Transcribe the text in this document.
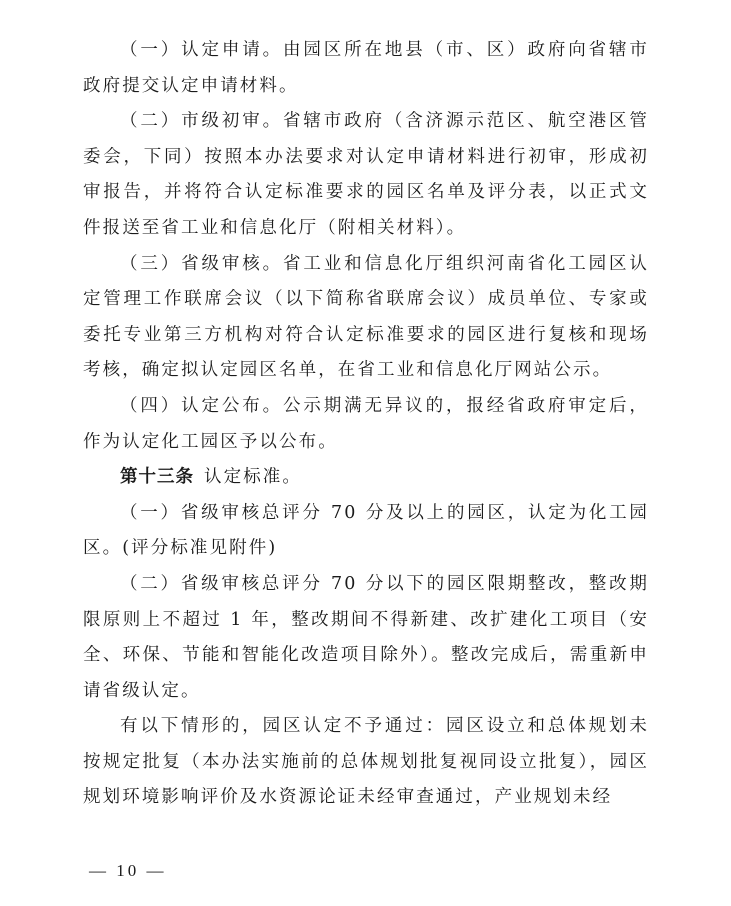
（一）认定申请。由园区所在地县（市、区）政府向省辖市政府提交认定申请材料。

（二）市级初审。省辖市政府（含济源示范区、航空港区管委会，下同）按照本办法要求对认定申请材料进行初审，形成初审报告，并将符合认定标准要求的园区名单及评分表，以正式文件报送至省工业和信息化厅（附相关材料）。

（三）省级审核。省工业和信息化厅组织河南省化工园区认定管理工作联席会议（以下简称省联席会议）成员单位、专家或委托专业第三方机构对符合认定标准要求的园区进行复核和现场考核，确定拟认定园区名单，在省工业和信息化厅网站公示。

（四）认定公布。公示期满无异议的，报经省政府审定后，作为认定化工园区予以公布。

第十三条 认定标准。

（一）省级审核总评分 70 分及以上的园区，认定为化工园区。(评分标准见附件)

（二）省级审核总评分 70 分以下的园区限期整改，整改期限原则上不超过 1 年，整改期间不得新建、改扩建化工项目（安全、环保、节能和智能化改造项目除外）。整改完成后，需重新申请省级认定。

有以下情形的，园区认定不予通过：园区设立和总体规划未按规定批复（本办法实施前的总体规划批复视同设立批复），园区规划环境影响评价及水资源论证未经审查通过，产业规划未经

— 10 —
